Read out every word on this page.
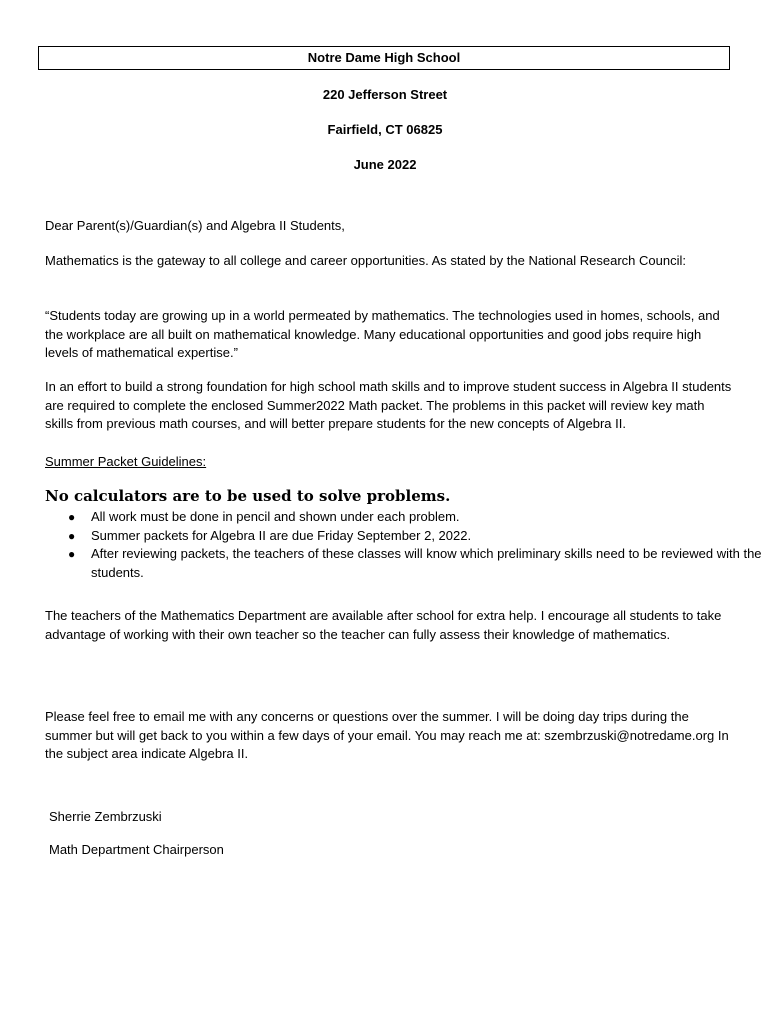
Notre Dame High School
220 Jefferson Street
Fairfield, CT 06825
June 2022

Dear Parent(s)/Guardian(s) and Algebra II Students,

Mathematics is the gateway to all college and career opportunities. As stated by the National Research Council:

“Students today are growing up in a world permeated by mathematics. The technologies used in homes, schools, and the workplace are all built on mathematical knowledge. Many educational opportunities and good jobs require high levels of mathematical expertise.”

In an effort to build a strong foundation for high school math skills and to improve student success in Algebra II students are required to complete the enclosed Summer2022 Math packet. The problems in this packet will review key math skills from previous math courses, and will better prepare students for the new concepts of Algebra II.

Summer Packet Guidelines:

No calculators are to be used to solve problems.
● All work must be done in pencil and shown under each problem.
● Summer packets for Algebra II are due Friday September 2, 2022.
● After reviewing packets, the teachers of these classes will know which preliminary skills need to be reviewed with the students.

The teachers of the Mathematics Department are available after school for extra help. I encourage all students to take advantage of working with their own teacher so the teacher can fully assess their knowledge of mathematics.

Please feel free to email me with any concerns or questions over the summer. I will be doing day trips during the summer but will get back to you within a few days of your email. You may reach me at: szembrzuski@notredame.org In the subject area indicate Algebra II.

Sherrie Zembrzuski
Math Department Chairperson
